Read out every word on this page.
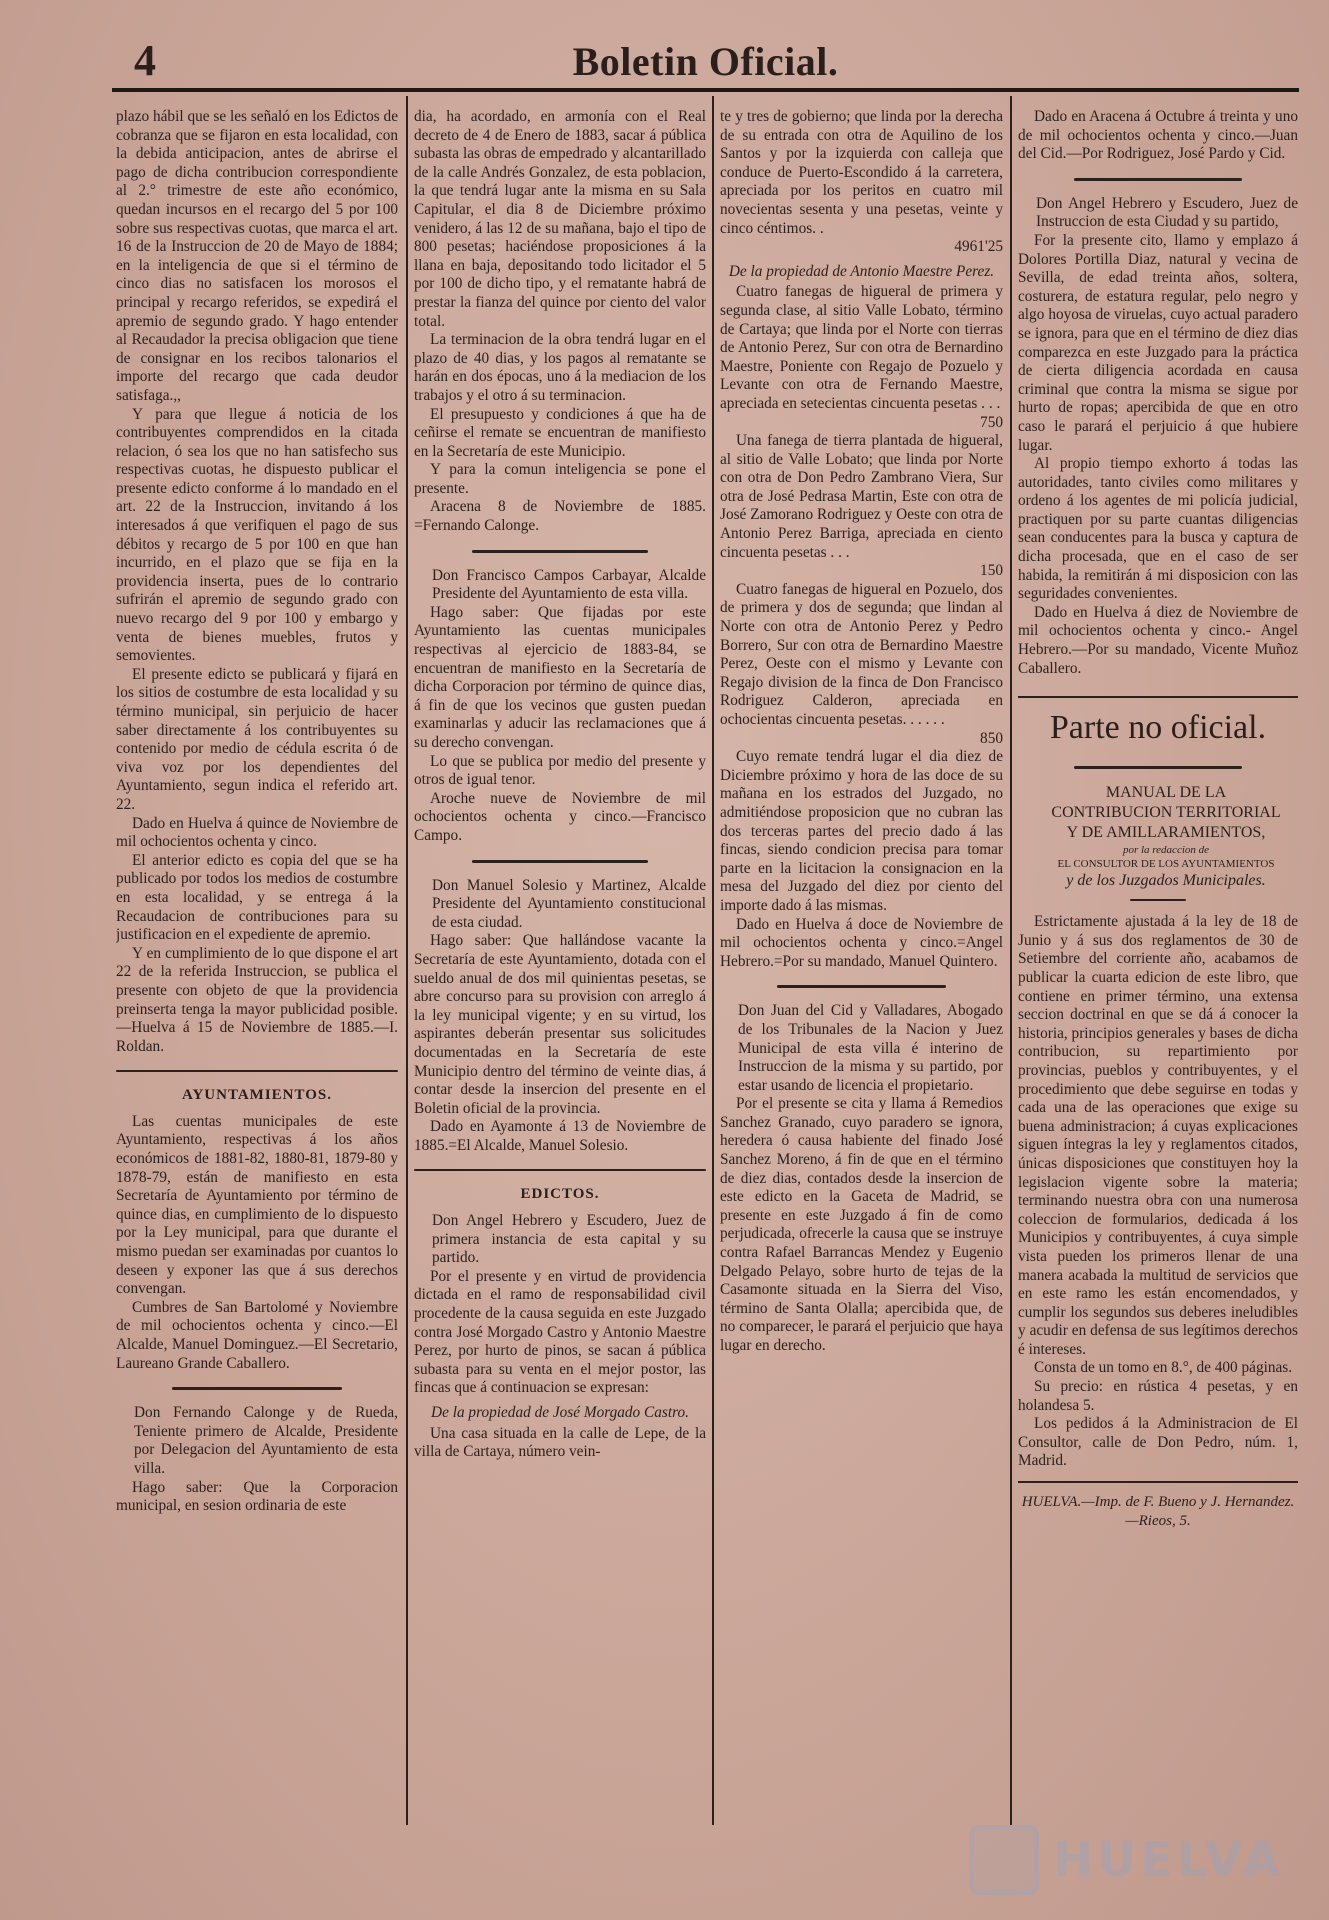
4	Boletin Oficial.

plazo hábil que se les señaló en los Edictos de cobranza que se fijaron en esta localidad, con la debida anticipacion, antes de abrirse el pago de dicha contribucion correspondiente al 2.° trimestre de este año económico, quedan incursos en el recargo del 5 por 100 sobre sus respectivas cuotas, que marca el art. 16 de la Instruccion de 20 de Mayo de 1884; en la inteligencia de que si el término de cinco dias no satisfacen los morosos el principal y recargo referidos, se expedirá el apremio de segundo grado. Y hago entender al Recaudador la precisa obligacion que tiene de consignar en los recibos talonarios el importe del recargo que cada deudor satisfaga.,,

Y para que llegue á noticia de los contribuyentes comprendidos en la citada relacion, ó sea los que no han satisfecho sus respectivas cuotas, he dispuesto publicar el presente edicto conforme á lo mandado en el art. 22 de la Instruccion, invitando á los interesados á que verifiquen el pago de sus débitos y recargo de 5 por 100 en que han incurrido, en el plazo que se fija en la providencia inserta, pues de lo contrario sufrirán el apremio de segundo grado con nuevo recargo del 9 por 100 y embargo y venta de bienes muebles, frutos y semovientes.

El presente edicto se publicará y fijará en los sitios de costumbre de esta localidad y su término municipal, sin perjuicio de hacer saber directamente á los contribuyentes su contenido por medio de cédula escrita ó de viva voz por los dependientes del Ayuntamiento, segun indica el referido art. 22.

Dado en Huelva á quince de Noviembre de mil ochocientos ochenta y cinco.

El anterior edicto es copia del que se ha publicado por todos los medios de costumbre en esta localidad, y se entrega á la Recaudacion de contribuciones para su justificacion en el expediente de apremio.

Y en cumplimiento de lo que dispone el art 22 de la referida Instruccion, se publica el presente con objeto de que la providencia preinserta tenga la mayor publicidad posible.—Huelva á 15 de Noviembre de 1885.—I. Roldan.

AYUNTAMIENTOS.

Las cuentas municipales de este Ayuntamiento, respectivas á los años económicos de 1881-82, 1880-81, 1879-80 y 1878-79, están de manifiesto en esta Secretaría de Ayuntamiento por término de quince dias, en cumplimiento de lo dispuesto por la Ley municipal, para que durante el mismo puedan ser examinadas por cuantos lo deseen y exponer las que á sus derechos convengan.

Cumbres de San Bartolomé y Noviembre de mil ochocientos ochenta y cinco.—El Alcalde, Manuel Dominguez.—El Secretario, Laureano Grande Caballero.

Don Fernando Calonge y de Rueda, Teniente primero de Alcalde, Presidente por Delegacion del Ayuntamiento de esta villa.

Hago saber: Que la Corporacion municipal, en sesion ordinaria de este

dia, ha acordado, en armonía con el Real decreto de 4 de Enero de 1883, sacar á pública subasta las obras de empedrado y alcantarillado de la calle Andrés Gonzalez, de esta poblacion, la que tendrá lugar ante la misma en su Sala Capitular, el dia 8 de Diciembre próximo venidero, á las 12 de su mañana, bajo el tipo de 800 pesetas; haciéndose proposiciones á la llana en baja, depositando todo licitador el 5 por 100 de dicho tipo, y el rematante habrá de prestar la fianza del quince por ciento del valor total.

La terminacion de la obra tendrá lugar en el plazo de 40 dias, y los pagos al rematante se harán en dos épocas, uno á la mediacion de los trabajos y el otro á su terminacion.

El presupuesto y condiciones á que ha de ceñirse el remate se encuentran de manifiesto en la Secretaría de este Municipio.

Y para la comun inteligencia se pone el presente.

Aracena 8 de Noviembre de 1885. =Fernando Calonge.

Don Francisco Campos Carbayar, Alcalde Presidente del Ayuntamiento de esta villa.

Hago saber: Que fijadas por este Ayuntamiento las cuentas municipales respectivas al ejercicio de 1883-84, se encuentran de manifiesto en la Secretaría de dicha Corporacion por término de quince dias, á fin de que los vecinos que gusten puedan examinarlas y aducir las reclamaciones que á su derecho convengan.

Lo que se publica por medio del presente y otros de igual tenor.

Aroche nueve de Noviembre de mil ochocientos ochenta y cinco.—Francisco Campo.

Don Manuel Solesio y Martinez, Alcalde Presidente del Ayuntamiento constitucional de esta ciudad.

Hago saber: Que hallándose vacante la Secretaría de este Ayuntamiento, dotada con el sueldo anual de dos mil quinientas pesetas, se abre concurso para su provision con arreglo á la ley municipal vigente; y en su virtud, los aspirantes deberán presentar sus solicitudes documentadas en la Secretaría de este Municipio dentro del término de veinte dias, á contar desde la insercion del presente en el Boletin oficial de la provincia.

Dado en Ayamonte á 13 de Noviembre de 1885.=El Alcalde, Manuel Solesio.

EDICTOS.

Don Angel Hebrero y Escudero, Juez de primera instancia de esta capital y su partido.

Por el presente y en virtud de providencia dictada en el ramo de responsabilidad civil procedente de la causa seguida en este Juzgado contra José Morgado Castro y Antonio Maestre Perez, por hurto de pinos, se sacan á pública subasta para su venta en el mejor postor, las fincas que á continuacion se expresan:

De la propiedad de José Morgado Castro.

Una casa situada en la calle de Lepe, de la villa de Cartaya, número vein-

te y tres de gobierno; que linda por la derecha de su entrada con otra de Aquilino de los Santos y por la izquierda con calleja que conduce de Puerto-Escondido á la carretera, apreciada por los peritos en cuatro mil novecientas sesenta y una pesetas, veinte y cinco céntimos. .

4961'25
De la propiedad de Antonio Maestre Perez.

Cuatro fanegas de higueral de primera y segunda clase, al sitio Valle Lobato, término de Cartaya; que linda por el Norte con tierras de Antonio Perez, Sur con otra de Bernardino Maestre, Poniente con Regajo de Pozuelo y Levante con otra de Fernando Maestre, apreciada en setecientas cincuenta pesetas . . .

750

Una fanega de tierra plantada de higueral, al sitio de Valle Lobato; que linda por Norte con otra de Don Pedro Zambrano Viera, Sur otra de José Pedrasa Martin, Este con otra de José Zamorano Rodriguez y Oeste con otra de Antonio Perez Barriga, apreciada en ciento cincuenta pesetas . . .

150

Cuatro fanegas de higueral en Pozuelo, dos de primera y dos de segunda; que lindan al Norte con otra de Antonio Perez y Pedro Borrero, Sur con otra de Bernardino Maestre Perez, Oeste con el mismo y Levante con Regajo division de la finca de Don Francisco Rodriguez Calderon, apreciada en ochocientas cincuenta pesetas. . . . . .

850

Cuyo remate tendrá lugar el dia diez de Diciembre próximo y hora de las doce de su mañana en los estrados del Juzgado, no admitiéndose proposicion que no cubran las dos terceras partes del precio dado á las fincas, siendo condicion precisa para tomar parte en la licitacion la consignacion en la mesa del Juzgado del diez por ciento del importe dado á las mismas.

Dado en Huelva á doce de Noviembre de mil ochocientos ochenta y cinco.=Angel Hebrero.=Por su mandado, Manuel Quintero.

Don Juan del Cid y Valladares, Abogado de los Tribunales de la Nacion y Juez Municipal de esta villa é interino de Instruccion de la misma y su partido, por estar usando de licencia el propietario.

Por el presente se cita y llama á Remedios Sanchez Granado, cuyo paradero se ignora, heredera ó causa habiente del finado José Sanchez Moreno, á fin de que en el término de diez dias, contados desde la insercion de este edicto en la Gaceta de Madrid, se presente en este Juzgado á fin de como perjudicada, ofrecerle la causa que se instruye contra Rafael Barrancas Mendez y Eugenio Delgado Pelayo, sobre hurto de tejas de la Casamonte situada en la Sierra del Viso, término de Santa Olalla; apercibida que, de no comparecer, le parará el perjuicio que haya lugar en derecho.

Dado en Aracena á Octubre á treinta y uno de mil ochocientos ochenta y cinco.—Juan del Cid.—Por Rodriguez, José Pardo y Cid.

Don Angel Hebrero y Escudero, Juez de Instruccion de esta Ciudad y su partido,

For la presente cito, llamo y emplazo á Dolores Portilla Diaz, natural y vecina de Sevilla, de edad treinta años, soltera, costurera, de estatura regular, pelo negro y algo hoyosa de viruelas, cuyo actual paradero se ignora, para que en el término de diez dias comparezca en este Juzgado para la práctica de cierta diligencia acordada en causa criminal que contra la misma se sigue por hurto de ropas; apercibida de que en otro caso le parará el perjuicio á que hubiere lugar.

Al propio tiempo exhorto á todas las autoridades, tanto civiles como militares y ordeno á los agentes de mi policía judicial, practiquen por su parte cuantas diligencias sean conducentes para la busca y captura de dicha procesada, que en el caso de ser habida, la remitirán á mi disposicion con las seguridades convenientes.

Dado en Huelva á diez de Noviembre de mil ochocientos ochenta y cinco.- Angel Hebrero.—Por su mandado, Vicente Muñoz Caballero.

Parte no oficial.

MANUAL DE LA

CONTRIBUCION TERRITORIAL

Y DE AMILLARAMIENTOS,

por la redaccion de

EL CONSULTOR DE LOS AYUNTAMIENTOS

y de los Juzgados Municipales.

Estrictamente ajustada á la ley de 18 de Junio y á sus dos reglamentos de 30 de Setiembre del corriente año, acabamos de publicar la cuarta edicion de este libro, que contiene en primer término, una extensa seccion doctrinal en que se dá á conocer la historia, principios generales y bases de dicha contribucion, su repartimiento por provincias, pueblos y contribuyentes, y el procedimiento que debe seguirse en todas y cada una de las operaciones que exige su buena administracion; á cuyas explicaciones siguen íntegras la ley y reglamentos citados, únicas disposiciones que constituyen hoy la legislacion vigente sobre la materia; terminando nuestra obra con una numerosa coleccion de formularios, dedicada á los Municipios y contribuyentes, á cuya simple vista pueden los primeros llenar de una manera acabada la multitud de servicios que en este ramo les están encomendados, y cumplir los segundos sus deberes ineludibles y acudir en defensa de sus legítimos derechos é intereses.

Consta de un tomo en 8.°, de 400 páginas.

Su precio: en rústica 4 pesetas, y en holandesa 5.

Los pedidos á la Administracion de El Consultor, calle de Don Pedro, núm. 1, Madrid.

HUELVA.—Imp. de F. Bueno y J. Hernandez.—Rieos, 5.
HUELVA
